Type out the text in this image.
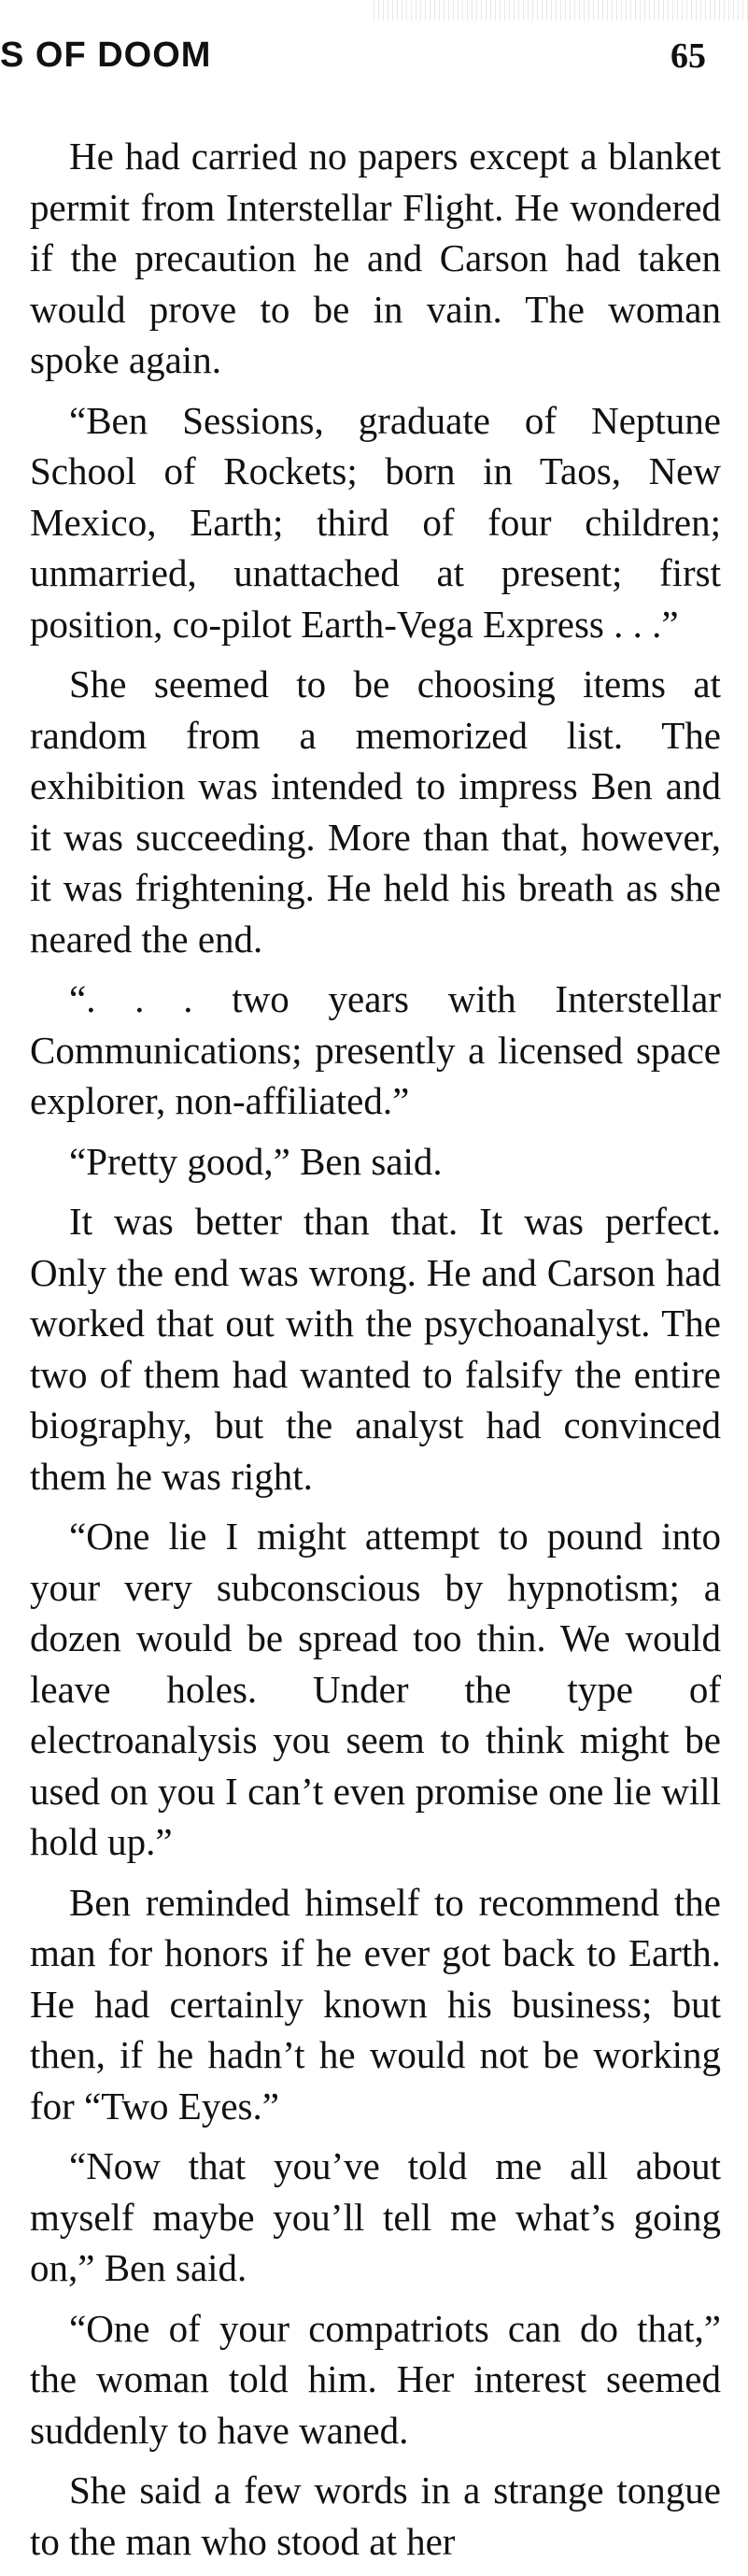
S OF DOOM	65

He had carried no papers except a blanket permit from Interstellar Flight. He wondered if the precaution he and Carson had taken would prove to be in vain. The woman spoke again.

“Ben Sessions, graduate of Neptune School of Rockets; born in Taos, New Mexico, Earth; third of four children; unmarried, unattached at present; first position, co-pilot Earth-Vega Express . . .”

She seemed to be choosing items at random from a memorized list. The exhibition was intended to impress Ben and it was succeeding. More than that, however, it was frightening. He held his breath as she neared the end.

“. . . two years with Interstellar Communications; presently a licensed space explorer, non-affiliated.”

“Pretty good,” Ben said.

It was better than that. It was perfect. Only the end was wrong. He and Carson had worked that out with the psychoanalyst. The two of them had wanted to falsify the entire biography, but the analyst had convinced them he was right.

“One lie I might attempt to pound into your very subconscious by hypnotism; a dozen would be spread too thin. We would leave holes. Under the type of electroanalysis you seem to think might be used on you I can’t even promise one lie will hold up.”

Ben reminded himself to recommend the man for honors if he ever got back to Earth. He had certainly known his business; but then, if he hadn’t he would not be working for “Two Eyes.”

“Now that you’ve told me all about myself maybe you’ll tell me what’s going on,” Ben said.

“One of your compatriots can do that,” the woman told him. Her interest seemed suddenly to have waned.

She said a few words in a strange tongue to the man who stood at her
